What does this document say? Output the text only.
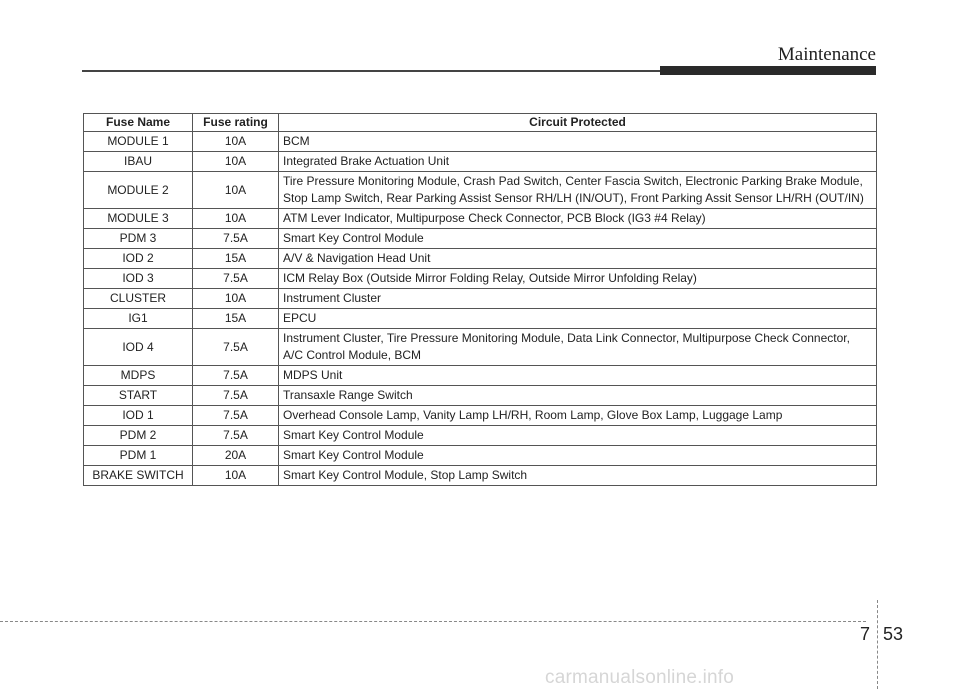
Maintenance
Fuse Name	Fuse rating	Circuit Protected
MODULE 1	10A	BCM
IBAU	10A	Integrated Brake Actuation Unit
MODULE 2	10A	Tire Pressure Monitoring Module, Crash Pad Switch, Center Fascia Switch, Electronic Parking Brake Module, Stop Lamp Switch, Rear Parking Assist Sensor RH/LH (IN/OUT), Front Parking Assit Sensor LH/RH (OUT/IN)
MODULE 3	10A	ATM Lever Indicator, Multipurpose Check Connector, PCB Block (IG3 #4 Relay)
PDM 3	7.5A	Smart Key Control Module
IOD 2	15A	A/V & Navigation Head Unit
IOD 3	7.5A	ICM Relay Box (Outside Mirror Folding Relay, Outside Mirror Unfolding Relay)
CLUSTER	10A	Instrument Cluster
IG1	15A	EPCU
IOD 4	7.5A	Instrument Cluster, Tire Pressure Monitoring Module, Data Link Connector, Multipurpose Check Connector, A/C Control Module, BCM
MDPS	7.5A	MDPS Unit
START	7.5A	Transaxle Range Switch
IOD 1	7.5A	Overhead Console Lamp, Vanity Lamp LH/RH, Room Lamp, Glove Box Lamp, Luggage Lamp
PDM 2	7.5A	Smart Key Control Module
PDM 1	20A	Smart Key Control Module
BRAKE SWITCH	10A	Smart Key Control Module, Stop Lamp Switch
7 53
carmanualsonline.info
